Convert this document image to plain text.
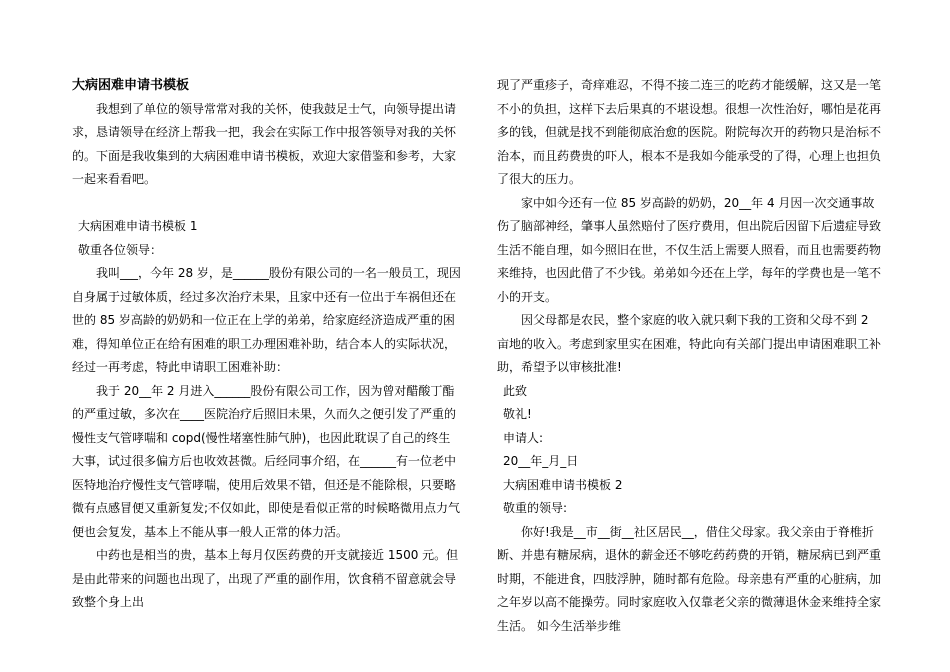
大病困难申请书模板

我想到了单位的领导常常对我的关怀，使我鼓足士气，向领导提出请求，恳请领导在经济上帮我一把，我会在实际工作中报答领导对我的关怀的。下面是我收集到的大病困难申请书模板，欢迎大家借鉴和参考，大家一起来看看吧。

大病困难申请书模板 1

敬重各位领导：

我叫___，今年 28 岁，是______股份有限公司的一名一般员工，现因自身属于过敏体质，经过多次治疗未果，且家中还有一位出于车祸但还在世的 85 岁高龄的奶奶和一位正在上学的弟弟，给家庭经济造成严重的困难，得知单位正在给有困难的职工办理困难补助，结合本人的实际状况，经过一再考虑，特此申请职工困难补助：

我于 20__年 2 月进入______股份有限公司工作，因为曾对醋酸丁酯的严重过敏，多次在____医院治疗后照旧未果，久而久之便引发了严重的慢性支气管哮喘和 copd(慢性堵塞性肺气肿)，也因此耽误了自己的终生大事，试过很多偏方后也收效甚微。后经同事介绍，在______有一位老中医特地治疗慢性支气管哮喘，使用后效果不错，但还是不能除根，只要略微有点感冒便又重新复发;不仅如此，即使是看似正常的时候略微用点力气便也会复发，基本上不能从事一般人正常的体力活。

中药也是相当的贵，基本上每月仅医药费的开支就接近 1500 元。但是由此带来的问题也出现了，出现了严重的副作用，饮食稍不留意就会导致整个身上出

现了严重疹子，奇痒难忍，不得不接二连三的吃药才能缓解，这又是一笔不小的负担，这样下去后果真的不堪设想。很想一次性治好，哪怕是花再多的钱，但就是找不到能彻底治愈的医院。附院每次开的药物只是治标不治本，而且药费贵的吓人，根本不是我如今能承受的了得，心理上也担负了很大的压力。

家中如今还有一位 85 岁高龄的奶奶，20__年 4 月因一次交通事故伤了脑部神经，肇事人虽然赔付了医疗费用，但出院后因留下后遗症导致生活不能自理，如今照旧在世，不仅生活上需要人照看，而且也需要药物来维持，也因此借了不少钱。弟弟如今还在上学，每年的学费也是一笔不小的开支。

因父母都是农民，整个家庭的收入就只剩下我的工资和父母不到 2 亩地的收入。考虑到家里实在困难，特此向有关部门提出申请困难职工补助，希望予以审核批准!

此致

敬礼!

申请人:

20__年_月_日

大病困难申请书模板 2

敬重的领导:

你好!我是__市__街__社区居民__，借住父母家。我父亲由于脊椎折断、并患有糖尿病，退休的薪金还不够吃药药费的开销，糖尿病已到严重时期，不能进食，四肢浮肿，随时都有危险。母亲患有严重的心脏病，加之年岁以高不能操劳。同时家庭收入仅靠老父亲的微薄退休金来维持全家生活。 如今生活举步维
